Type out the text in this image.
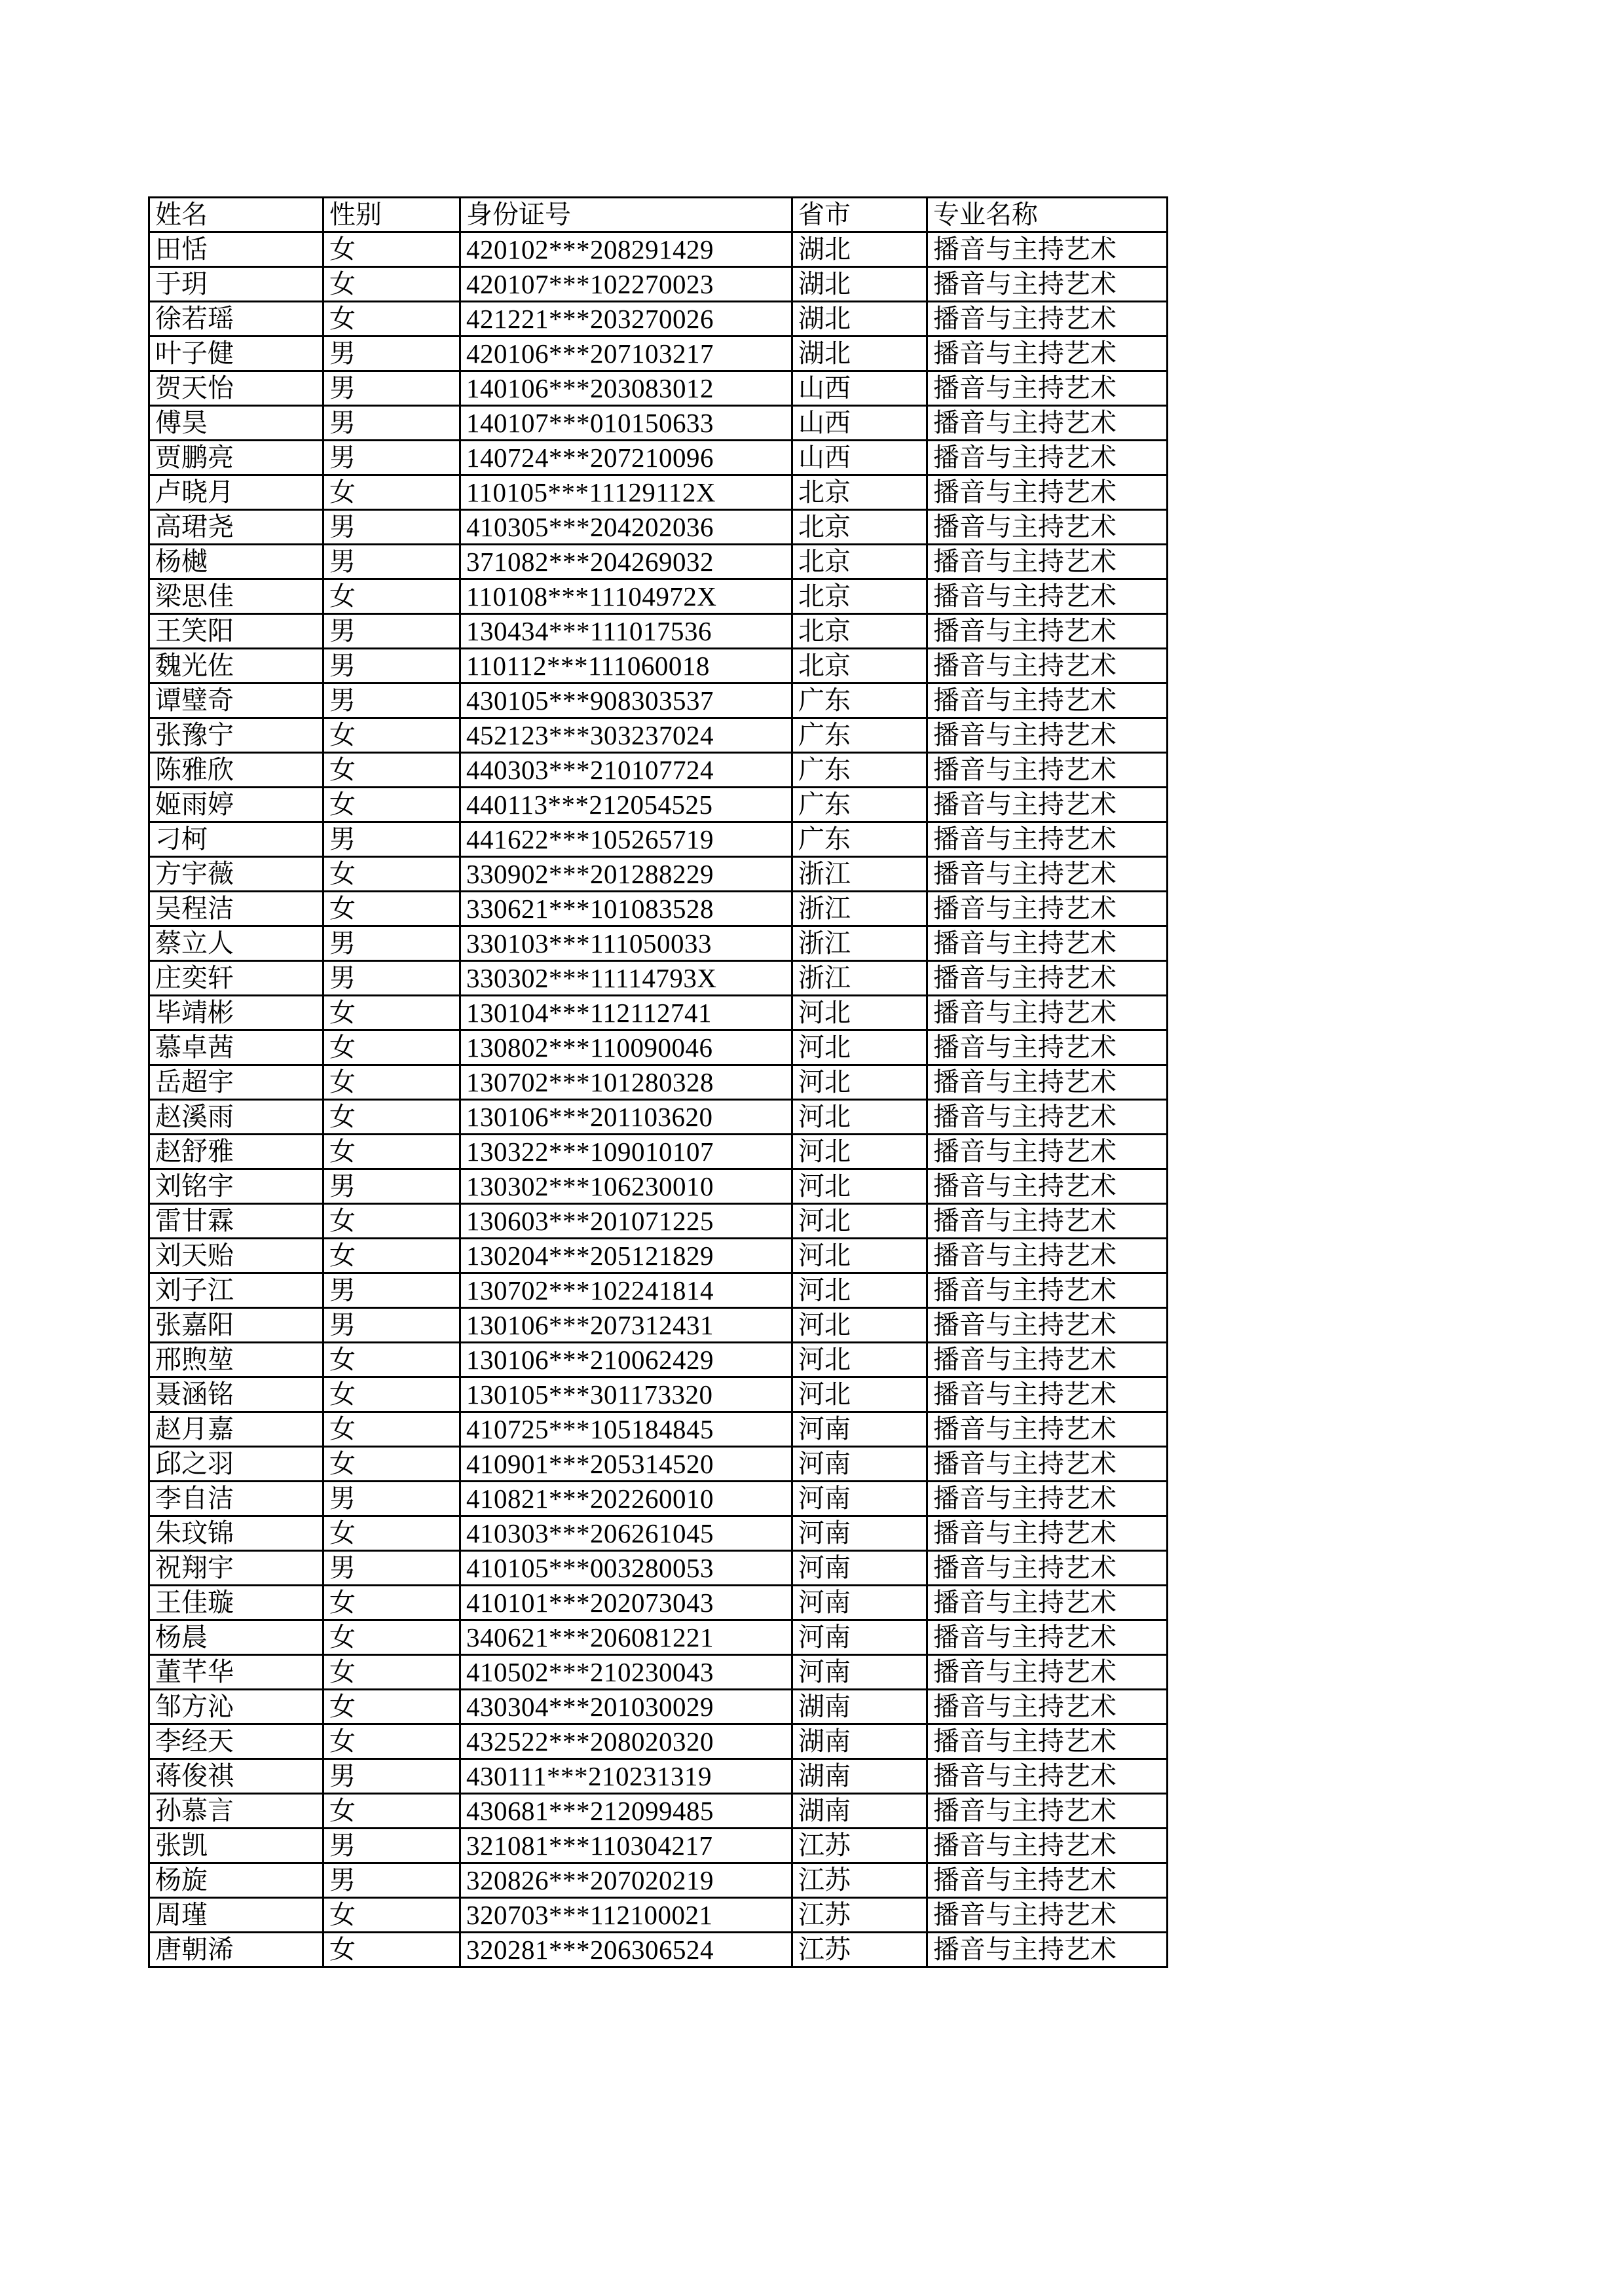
姓名	性别	身份证号	省市	专业名称
田恬	女	420102***208291429	湖北	播音与主持艺术
于玥	女	420107***102270023	湖北	播音与主持艺术
徐若瑶	女	421221***203270026	湖北	播音与主持艺术
叶子健	男	420106***207103217	湖北	播音与主持艺术
贺天怡	男	140106***203083012	山西	播音与主持艺术
傅昊	男	140107***010150633	山西	播音与主持艺术
贾鹏亮	男	140724***207210096	山西	播音与主持艺术
卢晓月	女	110105***11129112X	北京	播音与主持艺术
高珺尧	男	410305***204202036	北京	播音与主持艺术
杨樾	男	371082***204269032	北京	播音与主持艺术
梁思佳	女	110108***11104972X	北京	播音与主持艺术
王笑阳	男	130434***111017536	北京	播音与主持艺术
魏光佐	男	110112***111060018	北京	播音与主持艺术
谭璧奇	男	430105***908303537	广东	播音与主持艺术
张豫宁	女	452123***303237024	广东	播音与主持艺术
陈雅欣	女	440303***210107724	广东	播音与主持艺术
姬雨婷	女	440113***212054525	广东	播音与主持艺术
刁柯	男	441622***105265719	广东	播音与主持艺术
方宇薇	女	330902***201288229	浙江	播音与主持艺术
吴程洁	女	330621***101083528	浙江	播音与主持艺术
蔡立人	男	330103***111050033	浙江	播音与主持艺术
庄奕轩	男	330302***11114793X	浙江	播音与主持艺术
毕靖彬	女	130104***112112741	河北	播音与主持艺术
慕卓茜	女	130802***110090046	河北	播音与主持艺术
岳超宇	女	130702***101280328	河北	播音与主持艺术
赵溪雨	女	130106***201103620	河北	播音与主持艺术
赵舒雅	女	130322***109010107	河北	播音与主持艺术
刘铭宇	男	130302***106230010	河北	播音与主持艺术
雷甘霖	女	130603***201071225	河北	播音与主持艺术
刘天贻	女	130204***205121829	河北	播音与主持艺术
刘子江	男	130702***102241814	河北	播音与主持艺术
张嘉阳	男	130106***207312431	河北	播音与主持艺术
邢煦堃	女	130106***210062429	河北	播音与主持艺术
聂涵铭	女	130105***301173320	河北	播音与主持艺术
赵月嘉	女	410725***105184845	河南	播音与主持艺术
邱之羽	女	410901***205314520	河南	播音与主持艺术
李自洁	男	410821***202260010	河南	播音与主持艺术
朱玟锦	女	410303***206261045	河南	播音与主持艺术
祝翔宇	男	410105***003280053	河南	播音与主持艺术
王佳璇	女	410101***202073043	河南	播音与主持艺术
杨晨	女	340621***206081221	河南	播音与主持艺术
董芊华	女	410502***210230043	河南	播音与主持艺术
邹方沁	女	430304***201030029	湖南	播音与主持艺术
李经天	女	432522***208020320	湖南	播音与主持艺术
蒋俊祺	男	430111***210231319	湖南	播音与主持艺术
孙慕言	女	430681***212099485	湖南	播音与主持艺术
张凯	男	321081***110304217	江苏	播音与主持艺术
杨旋	男	320826***207020219	江苏	播音与主持艺术
周瑾	女	320703***112100021	江苏	播音与主持艺术
唐朝浠	女	320281***206306524	江苏	播音与主持艺术
